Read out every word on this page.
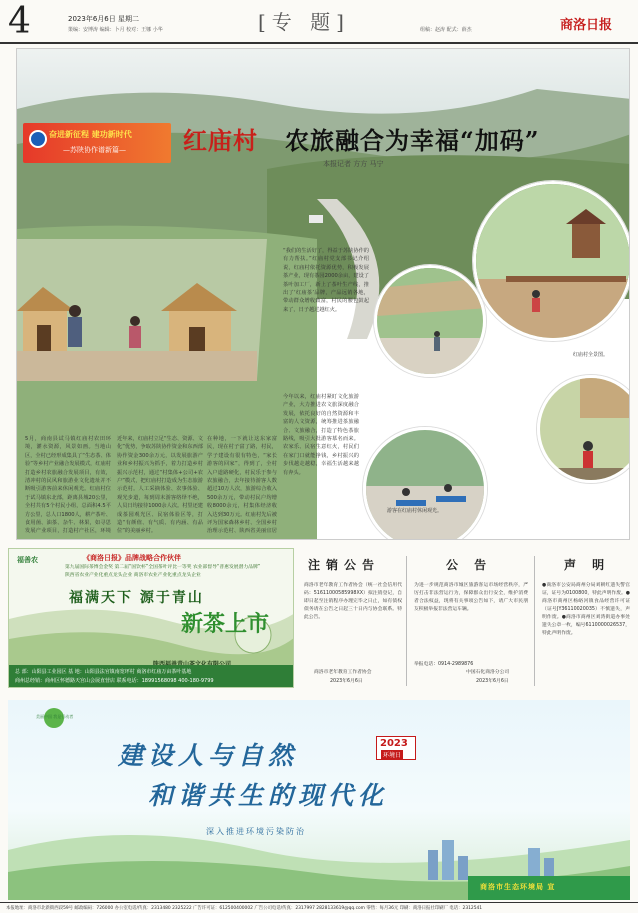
4	2023年6月6日 星期二
策编：安博涛 编辑：卜月 校对：王娜 小华	[专 题]	组稿：赵涛 配式：薛杰	商洛日报
奋进新征程 建功新时代
—苏陕协作谱新篇— 红庙村 农旅融合为幸福“加码”
本报记者 方方 马宁
红庙村全景图。
游客在红庙村休闲观光。
5月，商南县试马镇红庙村农田环境，灌水资源，风景如画。当地山区，全村已经形成集具了“生态茶、体验”等乡村产业融合发展模式，红庙村打造乡村农旅融合发展项目，有效，清冲村的民风和旅游业文化遗址并不断吸引游客前来休闲观光。红庙村位于试马镇东北部，距离县城20公里，全村共有5个村民小组，总面积4.5平方公里，总人口1800人，耕产茶叶、食用菌、油茶、杂牛、林果，如寻思发展产业项目，打造村产社区，环境
近年来，红庙村立足“生态、资源、文化”优势，争取苏陕协作资金和东西部协作资金300余万元，以发展旅游产业和乡村振兴为抓手，着力打造乡村振兴示范村，通过“村集体+公司+农户”模式，把红庙村打造成为生态旅游示范村。人工采摘体验、农事体验、观光步道，每到周末游客络绎不绝，人员日均接待1000余人次。村里还建成茶园观光区、民宿体验区等，打造“有颜值、有气质、有内涵、有品位”的美丽乡村。
在种地，一下就让这东家富民，现在村子富了路，村民，学子建设有很有特色，“家长游客的回家”，得到了，全村入户道路硬化，村民乐于参与农旅融合，去年接待游客人数超过10万人次，旅游综合收入500余万元，带动村民户均增收8000余元，村集体经济收入达到30万元。红庙村先后被评为国家森林乡村、全国乡村治理示范村、陕西省美丽宜居
“我们的生活好了，得益于苏陕协作的有力帮扶。”红庙村党支部书记介绍说，红庙村依托资源优势，积极发展茶产业，现有茶园2000余亩，建设了茶叶加工厂，新上了茶叶生产线，推出了‘红庙茶’品牌，产品远销各地，带动群众增收致富，村民的腰包鼓起来了，日子越过越红火。
今年以来，红庙村紧盯文化旅游产业，大力推进农文旅深度融合发展，依托良好的自然资源和丰富的人文资源，统筹推进茶旅融合、文旅融合，打造了特色茶旅路线，吸引大批游客慕名而来。农家乐、民宿生意红火，村民们在家门口就能挣钱，乡村振兴的步伐越走越稳，幸福生活越来越有奔头。
福善农	《商洛日报》品牌战略合作伙伴
第九届国际茶博会金奖 第二届“国饮杯”全国茶叶评比一等奖 农业部督导“普惠发展潜力品牌”
陕西省农业产业化重点龙头企业 商洛市农业产业化重点龙头企业
福满天下 源于青山
新茶上市
总 部：山阳县工业园区 基 地：山阳县法官镇南宽坪村 商洛市红庙万亩茶叶基地
商州总经销：商州区怀德路天宫山会展直营店 联系电话：18991568098 400-180-9799
注销公告
商洛市老年教育工作者协会（统一社会信用代码：51611000585998XX）拟注销登记，自即日起至注销程序办理完毕之日止，如有债权债务请在公告之日起三十日内与协会联系。特此公告。
商洛市老年教育工作者协会
2023年6月6日
公 告
为进一步规范商洛市城区旅游客运市场经营秩序，严厉打击非法营运行为，保障群众出行安全，维护消费者合法权益，现将有关事项公告如下，请广大市民朋友积极举报非法营运车辆。
举报电话：0914-2989876
中国石化商洛分公司
2023年6月6日
声 明
●商洛市公安局商州分局刘朝红遗失警官证，证号为0100800，特此声明作废。●商洛市商州区杨峪河镇食品经营许可证（证号JY36110020035）不慎遗失，声明作废。●商洛市商州区刘湾街道办事处遗失公章一枚，编号6110000026537，特此声明作废。
美丽中国 我是行动者
建设人与自然
和谐共生的现代化
2023
环境日
深入推进环境污染防治
商洛市生态环境局 宣
本报地址：商洛市北新街西段59号 邮政编码：726000 办公室电话/传真：2313480 2325222 广告许可证：612500400002 广告公司电话/传真：2317997 2828133619@qq.com 零售：每月36元 印刷：商洛日报社印刷厂 电话：2312541
